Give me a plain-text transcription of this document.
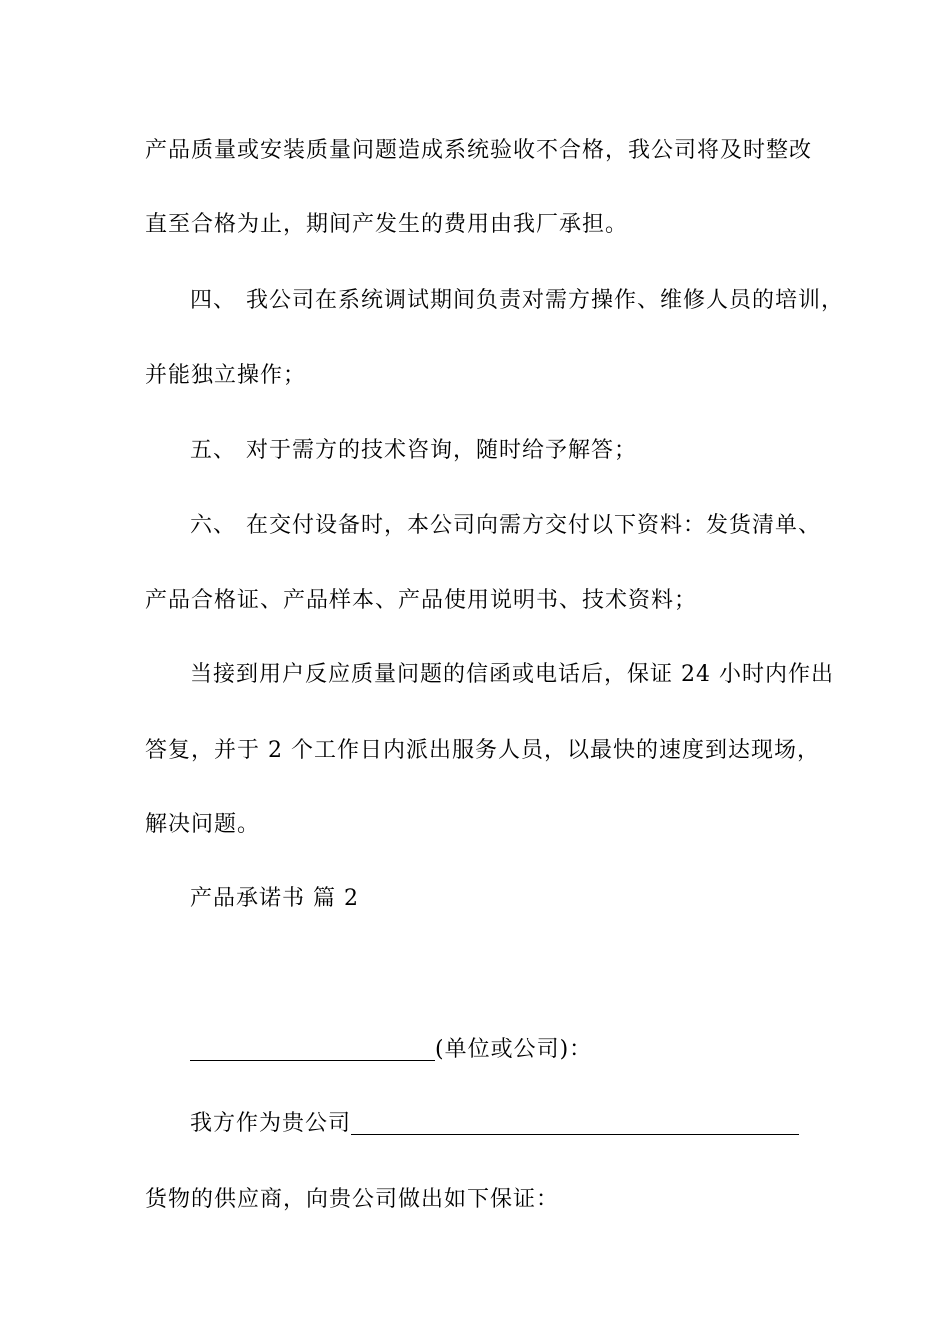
产品质量或安装质量问题造成系统验收不合格，我公司将及时整改
直至合格为止，期间产发生的费用由我厂承担。
四、 我公司在系统调试期间负责对需方操作、维修人员的培训，
并能独立操作；
五、 对于需方的技术咨询，随时给予解答；
六、 在交付设备时，本公司向需方交付以下资料：发货清单、
产品合格证、产品样本、产品使用说明书、技术资料；
当接到用户反应质量问题的信函或电话后，保证 24 小时内作出
答复，并于 2 个工作日内派出服务人员，以最快的速度到达现场，
解决问题。
产品承诺书 篇 2
(单位或公司)：
我方作为贵公司
货物的供应商，向贵公司做出如下保证：
